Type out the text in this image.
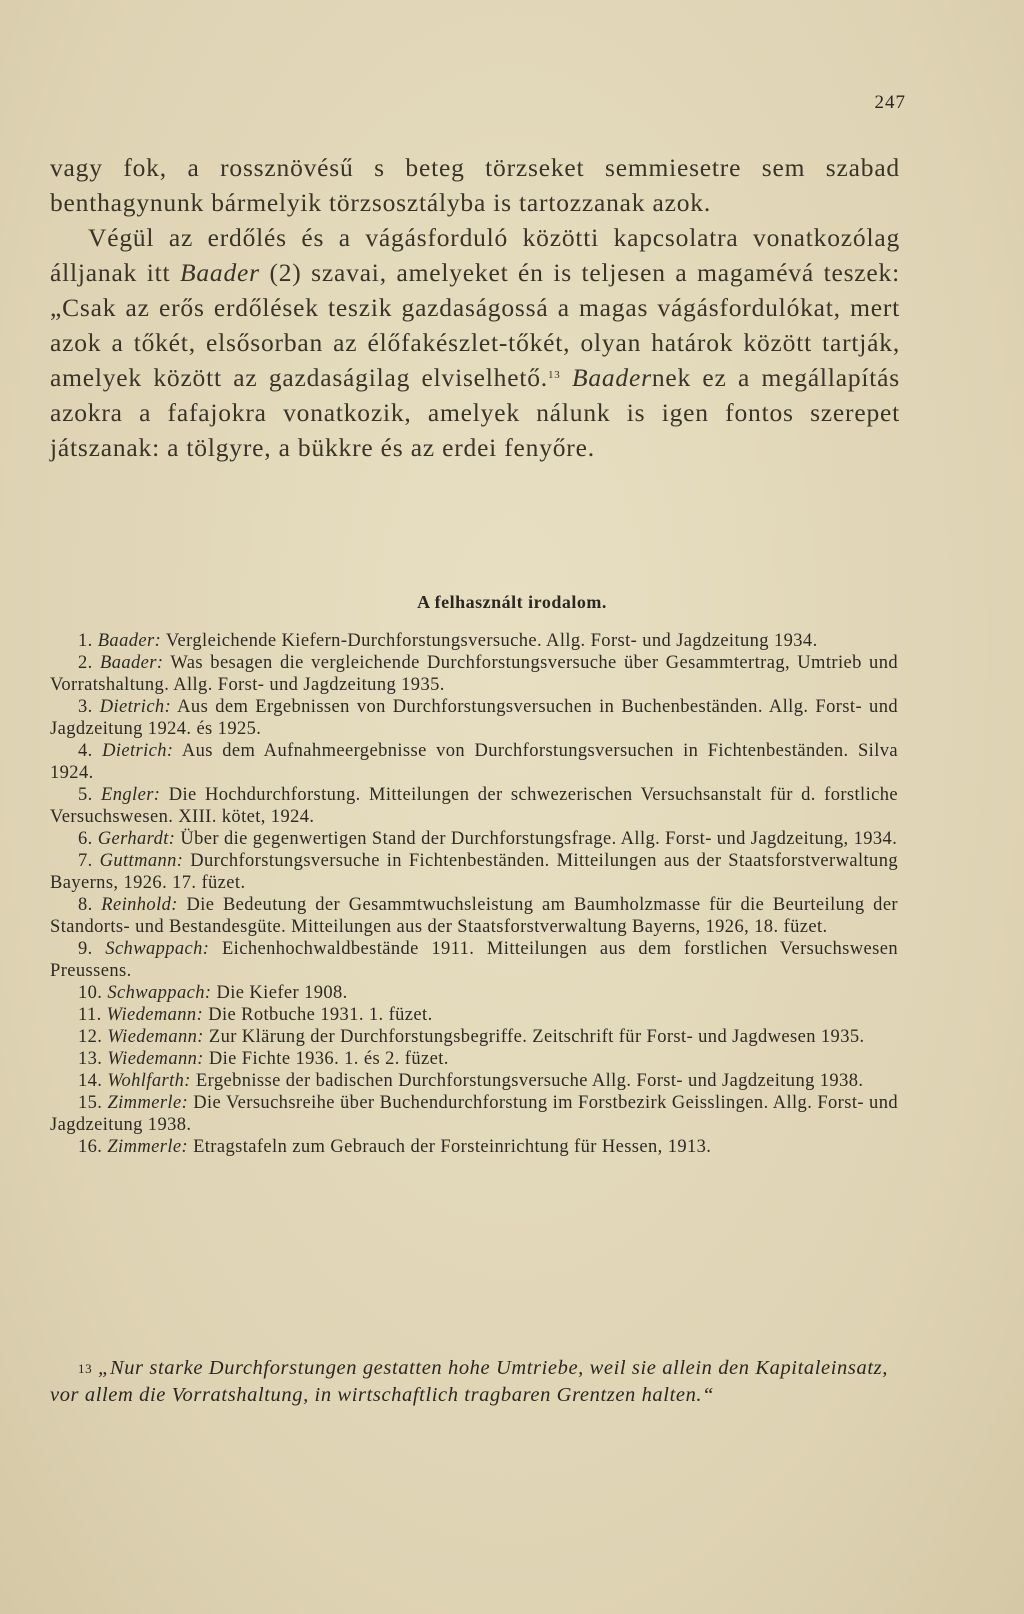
247

vagy fok, a rossznövésű s beteg törzseket semmiesetre sem szabad benthagynunk bármelyik törzsosztályba is tartozzanak azok.

Végül az erdőlés és a vágásforduló közötti kapcsolatra vonatkozólag álljanak itt Baader (2) szavai, amelyeket én is teljesen a magamévá teszek: „Csak az erős erdőlések teszik gazdaságossá a magas vágásfordulókat, mert azok a tőkét, elsősorban az élőfakészlet-tőkét, olyan határok között tartják, amelyek között az gazdaságilag elviselhető.$^{13}$ Baadernek ez a megállapítás azokra a fafajokra vonatkozik, amelyek nálunk is igen fontos szerepet játszanak: a tölgyre, a bükkre és az erdei fenyőre.

A felhasznált irodalom.

1. Baader: Vergleichende Kiefern-Durchforstungsversuche. Allg. Forst- und Jagdzeitung 1934.

2. Baader: Was besagen die vergleichende Durchforstungsversuche über Gesammtertrag, Umtrieb und Vorratshaltung. Allg. Forst- und Jagdzeitung 1935.

3. Dietrich: Aus dem Ergebnissen von Durchforstungsversuchen in Buchenbeständen. Allg. Forst- und Jagdzeitung 1924. és 1925.

4. Dietrich: Aus dem Aufnahmeergebnisse von Durchforstungsversuchen in Fichtenbeständen. Silva 1924.

5. Engler: Die Hochdurchforstung. Mitteilungen der schwezerischen Versuchsanstalt für d. forstliche Versuchswesen. XIII. kötet, 1924.

6. Gerhardt: Über die gegenwertigen Stand der Durchforstungsfrage. Allg. Forst- und Jagdzeitung, 1934.

7. Guttmann: Durchforstungsversuche in Fichtenbeständen. Mitteilungen aus der Staatsforstverwaltung Bayerns, 1926. 17. füzet.

8. Reinhold: Die Bedeutung der Gesammtwuchsleistung am Baumholzmasse für die Beurteilung der Standorts- und Bestandesgüte. Mitteilungen aus der Staatsforstverwaltung Bayerns, 1926, 18. füzet.

9. Schwappach: Eichenhochwaldbestände 1911. Mitteilungen aus dem forstlichen Versuchswesen Preussens.

10. Schwappach: Die Kiefer 1908.

11. Wiedemann: Die Rotbuche 1931. 1. füzet.

12. Wiedemann: Zur Klärung der Durchforstungsbegriffe. Zeitschrift für Forst- und Jagdwesen 1935.

13. Wiedemann: Die Fichte 1936. 1. és 2. füzet.

14. Wohlfarth: Ergebnisse der badischen Durchforstungsversuche Allg. Forst- und Jagdzeitung 1938.

15. Zimmerle: Die Versuchsreihe über Buchendurchforstung im Forstbezirk Geisslingen. Allg. Forst- und Jagdzeitung 1938.

16. Zimmerle: Etragstafeln zum Gebrauch der Forsteinrichtung für Hessen, 1913.

$^{13}$ „Nur starke Durchforstungen gestatten hohe Umtriebe, weil sie allein den Kapitaleinsatz, vor allem die Vorratshaltung, in wirtschaftlich tragbaren Grentzen halten.“
